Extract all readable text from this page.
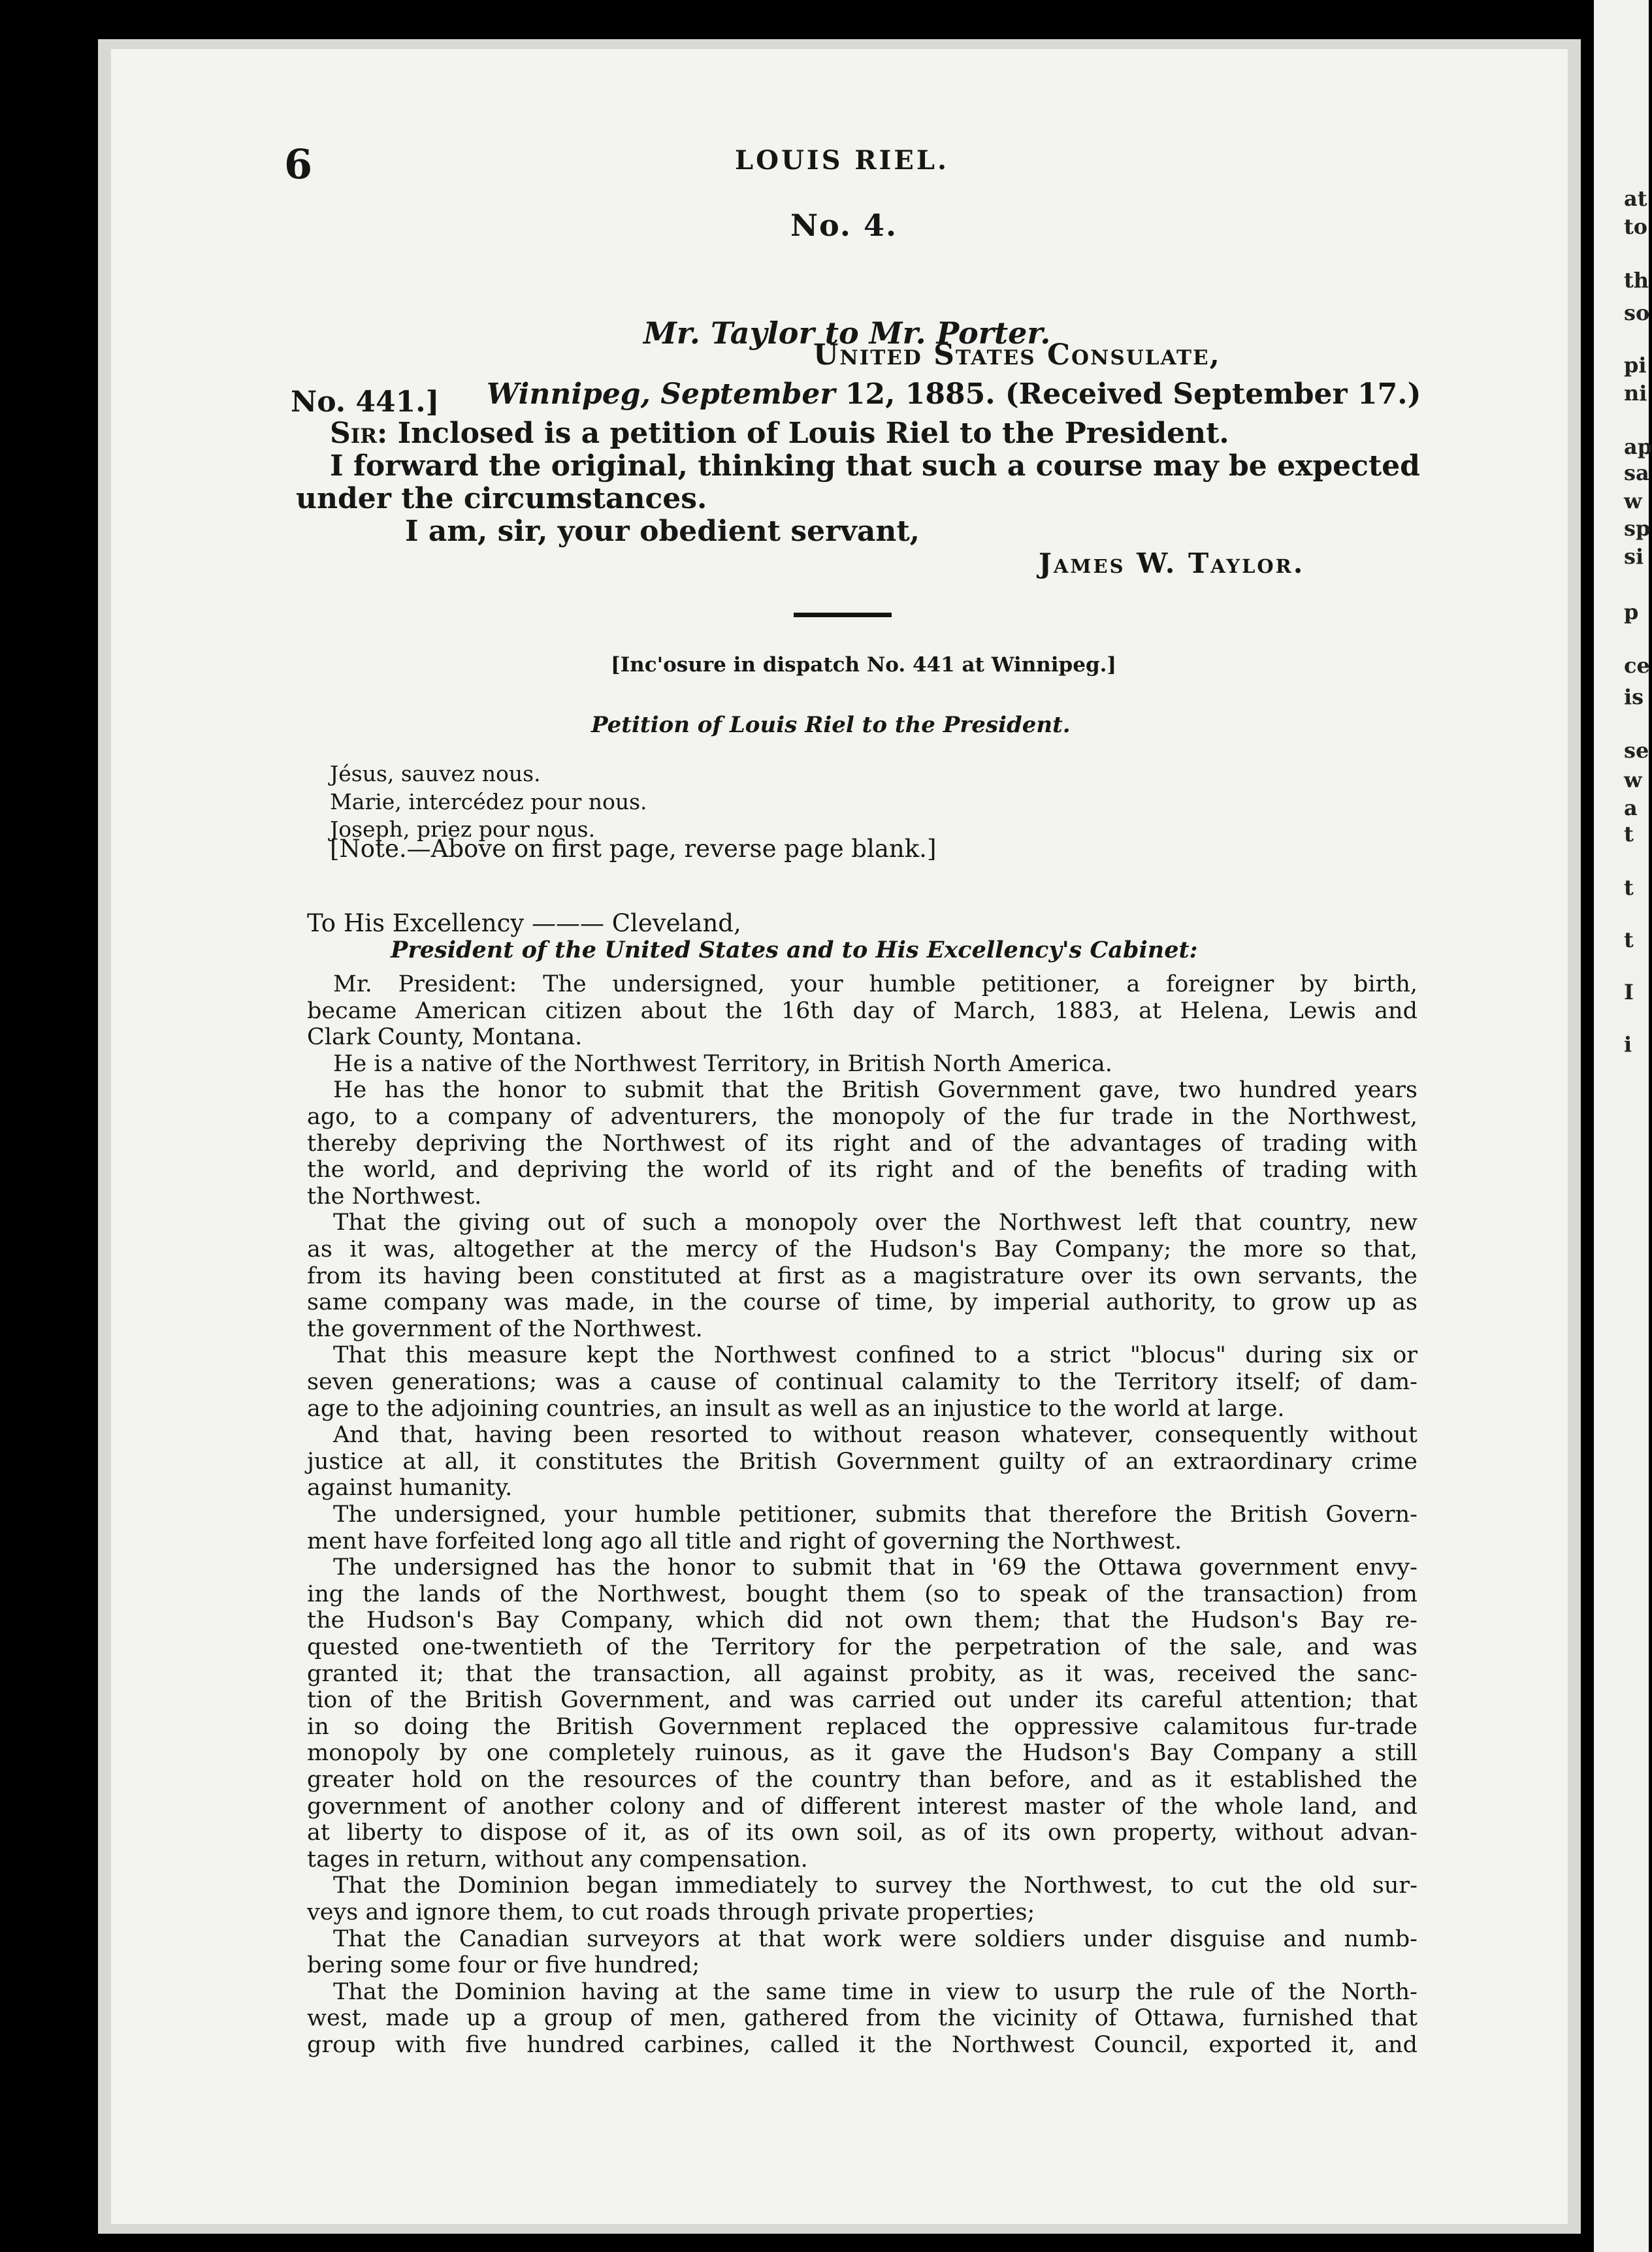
at
to
th
so
pi
ni
ap
sa
w
sp
si
p
ce
is
se
w
a
t
t
t
I
i
6	LOUIS RIEL.
No. 4.
Mr. Taylor to Mr. Porter.
No. 441.]
United States Consulate,
Winnipeg, September 12, 1885. (Received September 17.)
Sir: Inclosed is a petition of Louis Riel to the President.
I forward the original, thinking that such a course may be expected
under the circumstances.
I am, sir, your obedient servant,
James W. Taylor.
[Inc'osure in dispatch No. 441 at Winnipeg.]
Petition of Louis Riel to the President.
Jésus, sauvez nous.
Marie, intercédez pour nous.
Joseph, priez pour nous.
[Note.—Above on first page, reverse page blank.]
To His Excellency ——— Cleveland,
President of the United States and to His Excellency's Cabinet:
Mr. President: The undersigned, your humble petitioner, a foreigner by birth,
became American citizen about the 16th day of March, 1883, at Helena, Lewis and
Clark County, Montana.
He is a native of the Northwest Territory, in British North America.
He has the honor to submit that the British Government gave, two hundred years
ago, to a company of adventurers, the monopoly of the fur trade in the Northwest,
thereby depriving the Northwest of its right and of the advantages of trading with
the world, and depriving the world of its right and of the benefits of trading with
the Northwest.
That the giving out of such a monopoly over the Northwest left that country, new
as it was, altogether at the mercy of the Hudson's Bay Company; the more so that,
from its having been constituted at first as a magistrature over its own servants, the
same company was made, in the course of time, by imperial authority, to grow up as
the government of the Northwest.
That this measure kept the Northwest confined to a strict "blocus" during six or
seven generations; was a cause of continual calamity to the Territory itself; of dam-
age to the adjoining countries, an insult as well as an injustice to the world at large.
And that, having been resorted to without reason whatever, consequently without
justice at all, it constitutes the British Government guilty of an extraordinary crime
against humanity.
The undersigned, your humble petitioner, submits that therefore the British Govern-
ment have forfeited long ago all title and right of governing the Northwest.
The undersigned has the honor to submit that in '69 the Ottawa government envy-
ing the lands of the Northwest, bought them (so to speak of the transaction) from
the Hudson's Bay Company, which did not own them; that the Hudson's Bay re-
quested one-twentieth of the Territory for the perpetration of the sale, and was
granted it; that the transaction, all against probity, as it was, received the sanc-
tion of the British Government, and was carried out under its careful attention; that
in so doing the British Government replaced the oppressive calamitous fur-trade
monopoly by one completely ruinous, as it gave the Hudson's Bay Company a still
greater hold on the resources of the country than before, and as it established the
government of another colony and of different interest master of the whole land, and
at liberty to dispose of it, as of its own soil, as of its own property, without advan-
tages in return, without any compensation.
That the Dominion began immediately to survey the Northwest, to cut the old sur-
veys and ignore them, to cut roads through private properties;
That the Canadian surveyors at that work were soldiers under disguise and numb-
bering some four or five hundred;
That the Dominion having at the same time in view to usurp the rule of the North-
west, made up a group of men, gathered from the vicinity of Ottawa, furnished that
group with five hundred carbines, called it the Northwest Council, exported it, and
